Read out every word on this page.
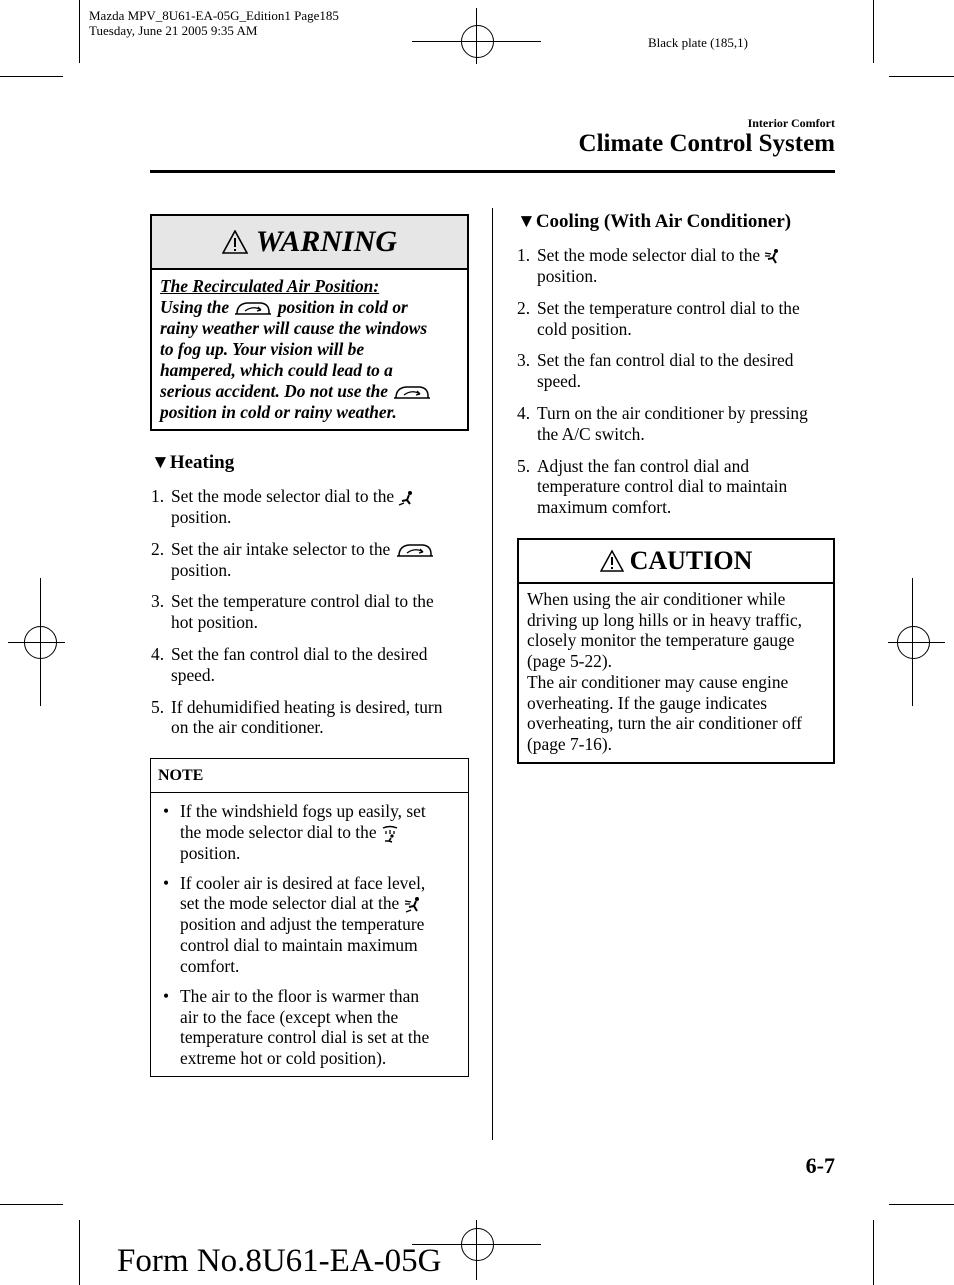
Mazda MPV_8U61-EA-05G_Edition1 Page185
Tuesday, June 21 2005 9:35 AM
Black plate (185,1)
Interior Comfort
Climate Control System
WARNING
The Recirculated Air Position:
Using the	position in cold or
rainy weather will cause the windows
to fog up. Your vision will be
hampered, which could lead to a
serious accident. Do not use the
position in cold or rainy weather.
▼Heating
1. Set the mode selector dial to the
position.
2. Set the air intake selector to the
position.
3. Set the temperature control dial to the
hot position.
4. Set the fan control dial to the desired
speed.
5. If dehumidified heating is desired, turn
on the air conditioner.
NOTE
• If the windshield fogs up easily, set
the mode selector dial to the
position.
• If cooler air is desired at face level,
set the mode selector dial at the
position and adjust the temperature
control dial to maintain maximum
comfort.
• The air to the floor is warmer than
air to the face (except when the
temperature control dial is set at the
extreme hot or cold position).
▼Cooling (With Air Conditioner)
1. Set the mode selector dial to the
position.
2. Set the temperature control dial to the
cold position.
3. Set the fan control dial to the desired
speed.
4. Turn on the air conditioner by pressing
the A/C switch.
5. Adjust the fan control dial and
temperature control dial to maintain
maximum comfort.
CAUTION
When using the air conditioner while
driving up long hills or in heavy traffic,
closely monitor the temperature gauge
(page 5-22).
The air conditioner may cause engine
overheating. If the gauge indicates
overheating, turn the air conditioner off
(page 7-16).
6-7
Form No.8U61-EA-05G
